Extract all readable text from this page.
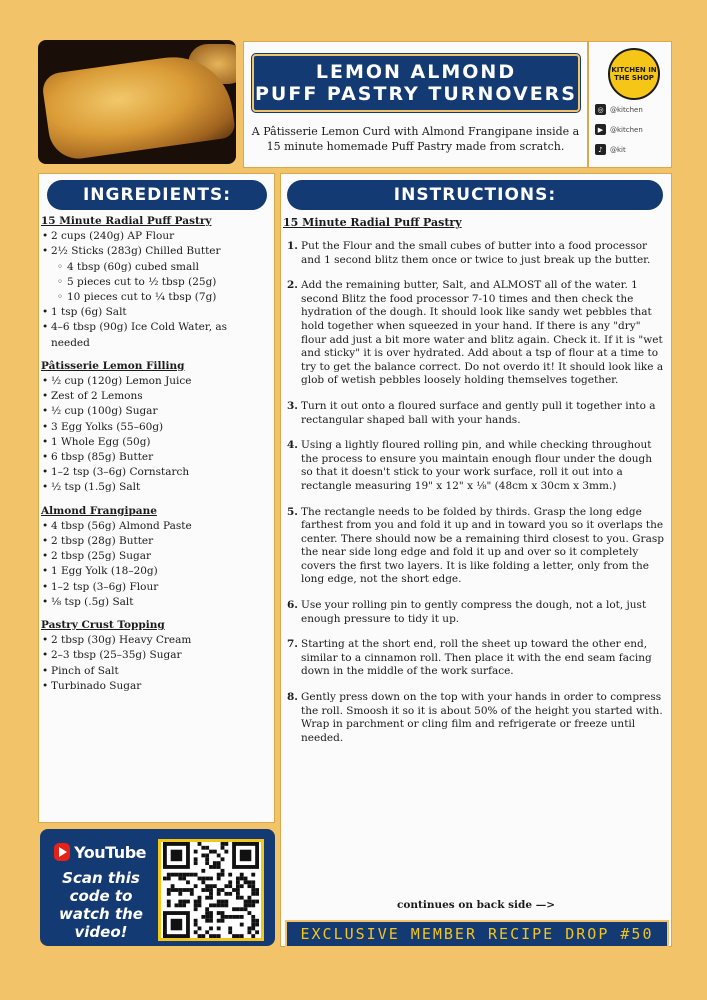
LEMON ALMOND
PUFF PASTRY TURNOVERS
A Pâtisserie Lemon Curd with Almond Frangipane inside a 15 minute homemade Puff Pastry made from scratch.
KITCHEN IN THE SHOP
◎ @kitchen
▶ @kitchen
♪	@kit
INGREDIENTS:
15 Minute Radial Puff Pastry
• 2 cups (240g) AP Flour
• 2½ Sticks (283g) Chilled Butter
◦ 4 tbsp (60g) cubed small
◦ 5 pieces cut to ½ tbsp (25g)
◦ 10 pieces cut to ¼ tbsp (7g)
• 1 tsp (6g) Salt
• 4–6 tbsp (90g) Ice Cold Water, as needed
Pâtisserie Lemon Filling
• ½ cup (120g) Lemon Juice
• Zest of 2 Lemons
• ½ cup (100g) Sugar
• 3 Egg Yolks (55–60g)
• 1 Whole Egg (50g)
• 6 tbsp (85g) Butter
• 1–2 tsp (3–6g) Cornstarch
• ½ tsp (1.5g) Salt
Almond Frangipane
• 4 tbsp (56g) Almond Paste
• 2 tbsp (28g) Butter
• 2 tbsp (25g) Sugar
• 1 Egg Yolk (18–20g)
• 1–2 tsp (3–6g) Flour
• ⅛ tsp (.5g) Salt
Pastry Crust Topping
• 2 tbsp (30g) Heavy Cream
• 2–3 tbsp (25–35g) Sugar
• Pinch of Salt
• Turbinado Sugar
YouTube
Scan this code to watch the video!
INSTRUCTIONS:
15 Minute Radial Puff Pastry
1. Put the Flour and the small cubes of butter into a food processor and 1 second blitz them once or twice to just break up the butter.
2. Add the remaining butter, Salt, and ALMOST all of the water. 1 second Blitz the food processor 7-10 times and then check the hydration of the dough. It should look like sandy wet pebbles that hold together when squeezed in your hand. If there is any "dry" flour add just a bit more water and blitz again. Check it. If it is "wet and sticky" it is over hydrated. Add about a tsp of flour at a time to try to get the balance correct. Do not overdo it! It should look like a glob of wetish pebbles loosely holding themselves together.
3. Turn it out onto a floured surface and gently pull it together into a rectangular shaped ball with your hands.
4. Using a lightly floured rolling pin, and while checking throughout the process to ensure you maintain enough flour under the dough so that it doesn't stick to your work surface, roll it out into a rectangle measuring 19" x 12" x ⅛" (48cm x 30cm x 3mm.)
5. The rectangle needs to be folded by thirds. Grasp the long edge farthest from you and fold it up and in toward you so it overlaps the center. There should now be a remaining third closest to you. Grasp the near side long edge and fold it up and over so it completely covers the first two layers. It is like folding a letter, only from the long edge, not the short edge.
6. Use your rolling pin to gently compress the dough, not a lot, just enough pressure to tidy it up.
7. Starting at the short end, roll the sheet up toward the other end, similar to a cinnamon roll. Then place it with the end seam facing down in the middle of the work surface.
8. Gently press down on the top with your hands in order to compress the roll. Smoosh it so it is about 50% of the height you started with. Wrap in parchment or cling film and refrigerate or freeze until needed.
continues on back side —>
EXCLUSIVE MEMBER RECIPE DROP #50
